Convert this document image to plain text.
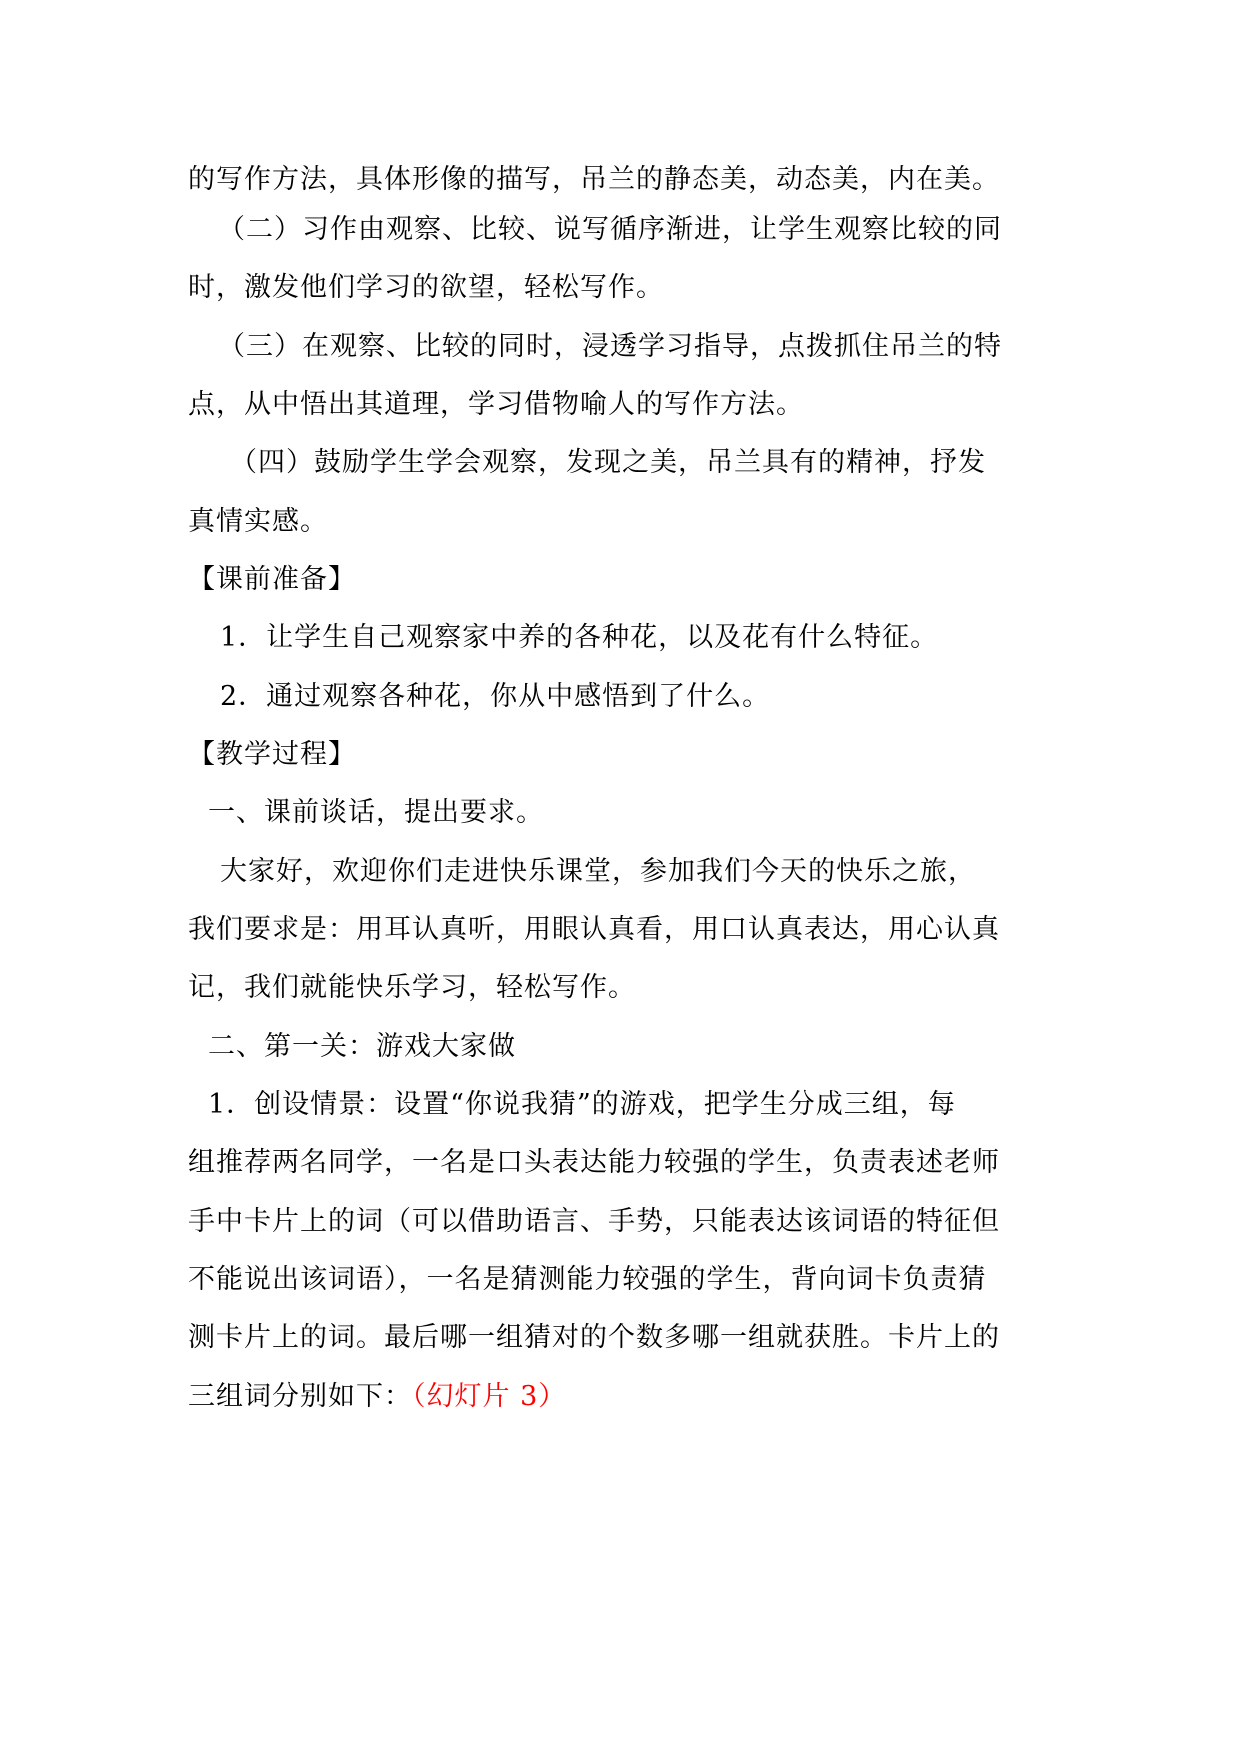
的写作方法，具体形像的描写，吊兰的静态美，动态美，内在美。
（二）习作由观察、比较、说写循序渐进，让学生观察比较的同
时，激发他们学习的欲望，轻松写作。
（三）在观察、比较的同时，浸透学习指导，点拨抓住吊兰的特
点，从中悟出其道理，学习借物喻人的写作方法。
（四）鼓励学生学会观察，发现之美，吊兰具有的精神，抒发
真情实感。
【课前准备】
1．让学生自己观察家中养的各种花，以及花有什么特征。
2．通过观察各种花，你从中感悟到了什么。
【教学过程】
一、课前谈话，提出要求。
大家好，欢迎你们走进快乐课堂，参加我们今天的快乐之旅，
我们要求是：用耳认真听，用眼认真看，用口认真表达，用心认真
记，我们就能快乐学习，轻松写作。
二、第一关：游戏大家做
1．创设情景：设置“你说我猜”的游戏，把学生分成三组，每
组推荐两名同学，一名是口头表达能力较强的学生，负责表述老师
手中卡片上的词（可以借助语言、手势，只能表达该词语的特征但
不能说出该词语），一名是猜测能力较强的学生，背向词卡负责猜
测卡片上的词。最后哪一组猜对的个数多哪一组就获胜。卡片上的
三组词分别如下：（幻灯片 3）
